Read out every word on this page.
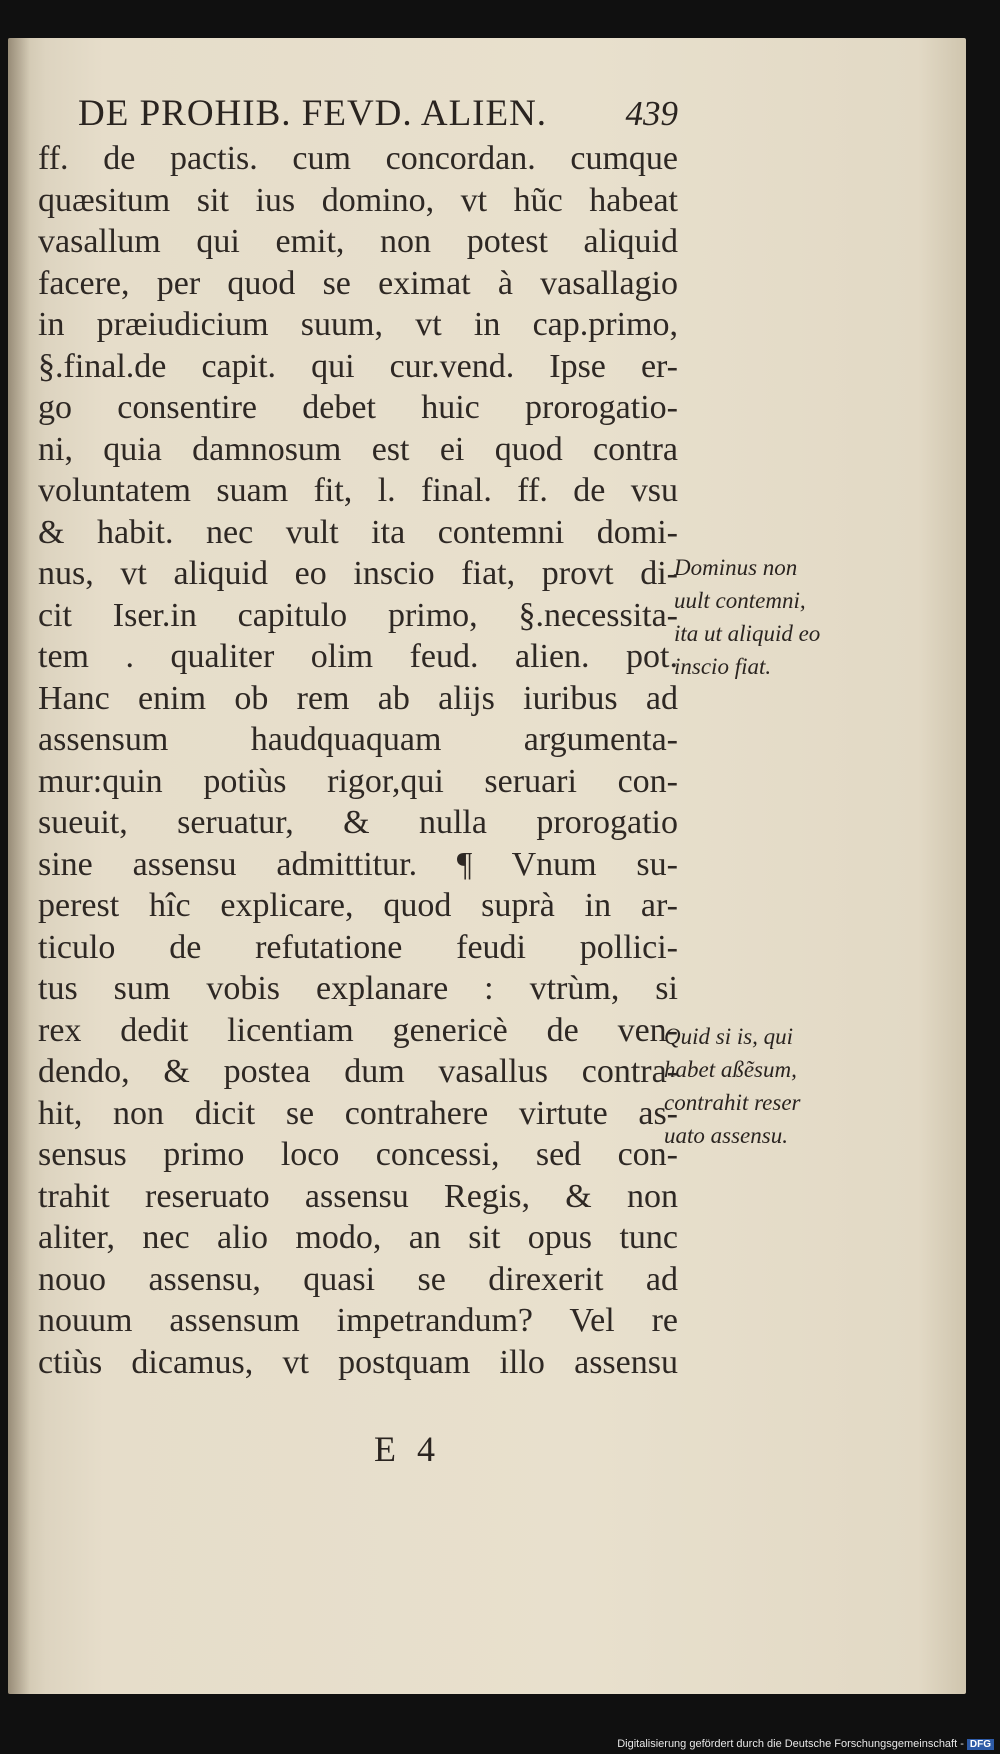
DE PROHIB. FEVD. ALIEN. 439
ff. de pactis. cum concordan. cumque
quæsitum sit ius domino, vt hũc habeat
vasallum qui emit, non potest aliquid
facere, per quod se eximat à vasallagio
in præiudicium suum, vt in cap.primo,
§.final.de capit. qui cur.vend. Ipse er-
go consentire debet huic prorogatio-
ni, quia damnosum est ei quod contra
voluntatem suam fit, l. final. ff. de vsu
& habit. nec vult ita contemni domi-
nus, vt aliquid eo inscio fiat, provt di-
cit Iser.in capitulo primo, §.necessita-
tem . qualiter olim feud. alien. pot.
Hanc enim ob rem ab alijs iuribus ad
assensum haudquaquam argumenta-
mur:quin potiùs rigor,qui seruari con-
sueuit, seruatur, & nulla prorogatio
sine assensu admittitur. ¶ Vnum su-
perest hîc explicare, quod suprà in ar-
ticulo de refutatione feudi pollici-
tus sum vobis explanare : vtrùm, si
rex dedit licentiam genericè de ven-
dendo, & postea dum vasallus contra-
hit, non dicit se contrahere virtute as-
sensus primo loco concessi, sed con-
trahit reseruato assensu Regis, & non
aliter, nec alio modo, an sit opus tunc
nouo assensu, quasi se direxerit ad
nouum assensum impetrandum? Vel re
ctiùs dicamus, vt postquam illo assensu
E 4
Dominus non
uult contemni,
ita ut aliquid eo
inscio fiat.
Quid si is, qui
habet aßẽsum,
contrahit reser
uato assensu.
Digitalisierung gefördert durch die Deutsche Forschungsgemeinschaft - DFG
